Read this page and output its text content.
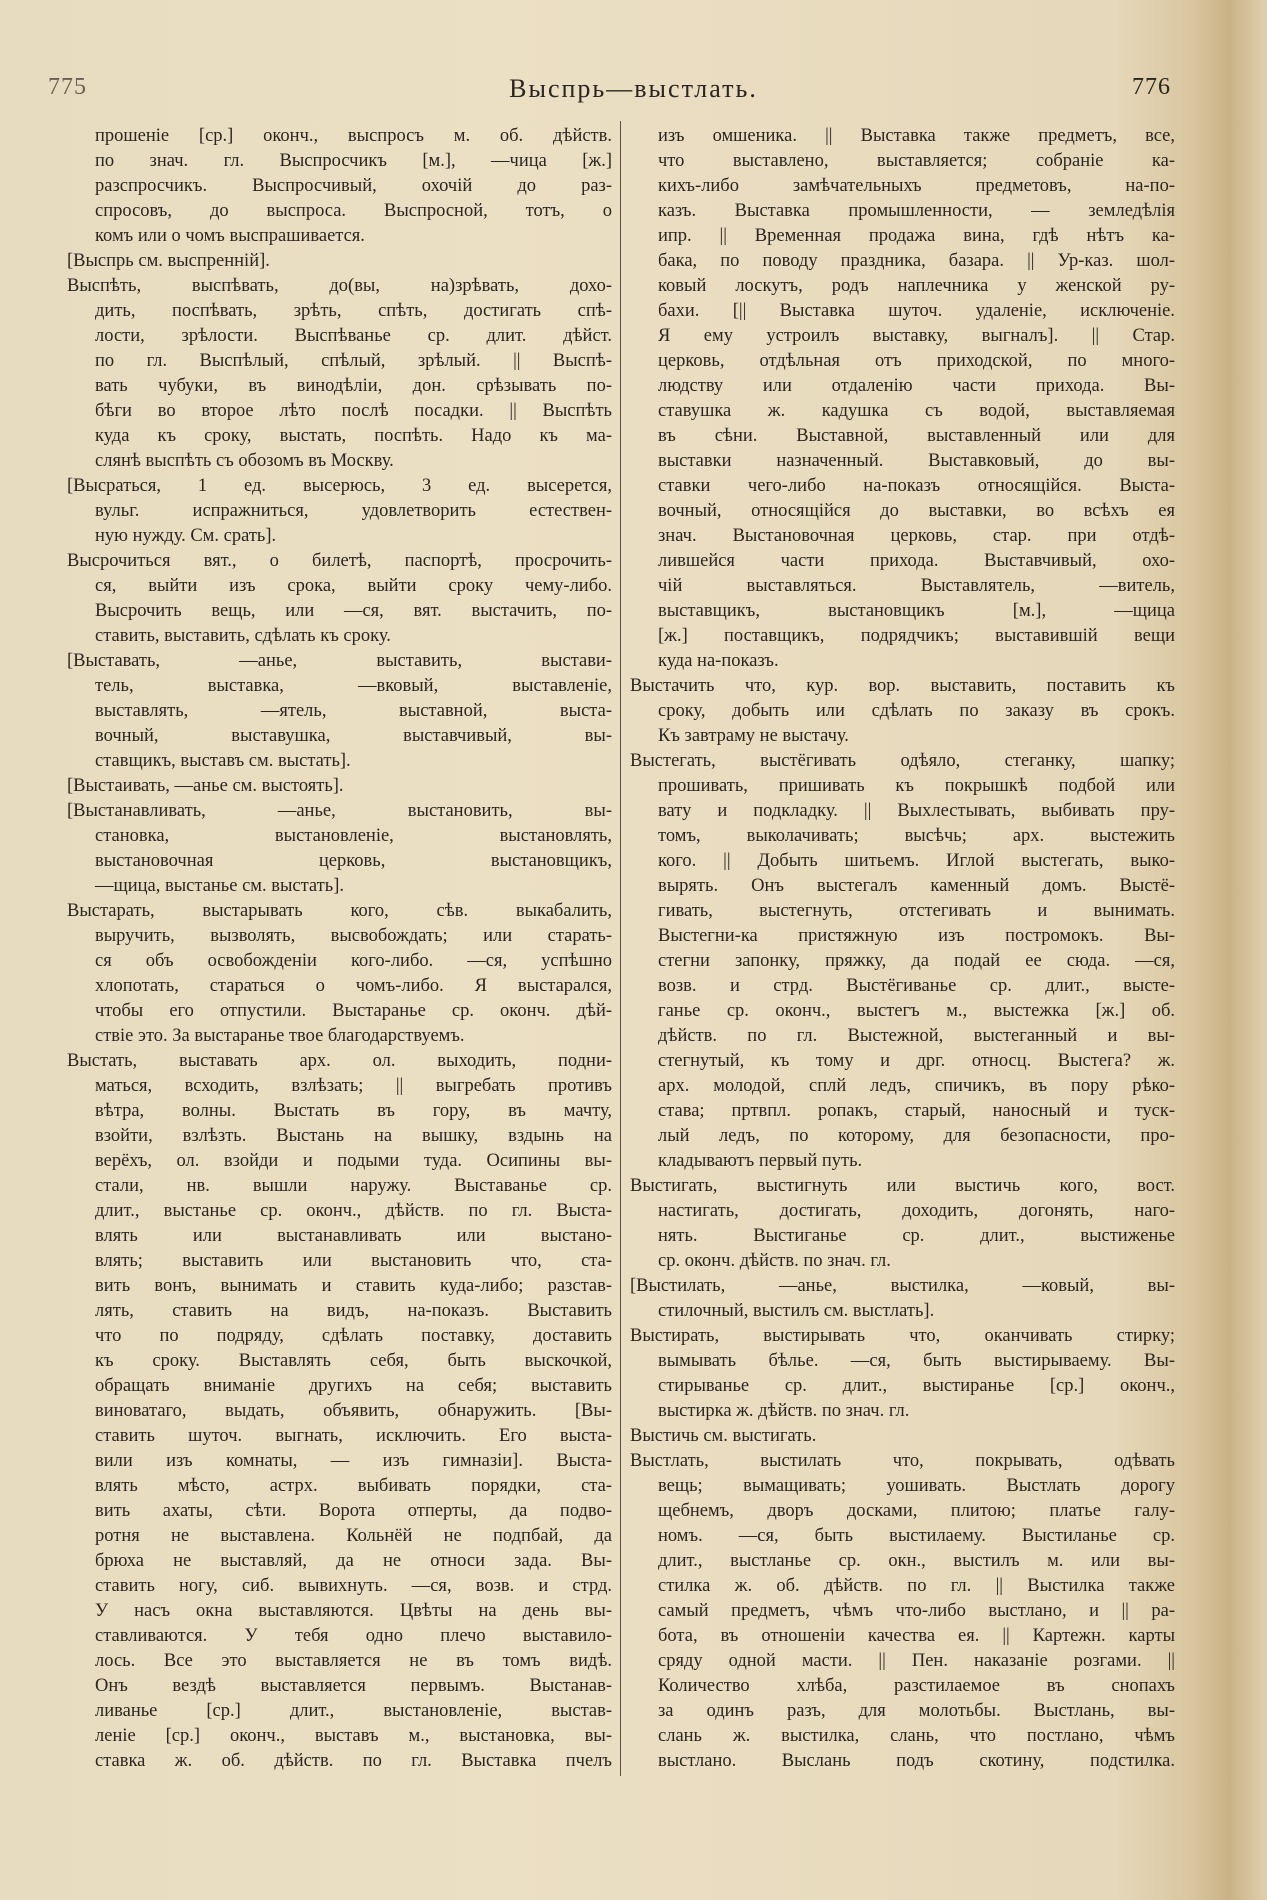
775	Выспрь—выстлать.	776
прошеніе [ср.] оконч., выспросъ м. об. дѣйств.
по знач. гл. Выспросчикъ [м.], —чица [ж.]
разспросчикъ. Выспросчивый, охочій до раз-
спросовъ, до выспроса. Выспросной, тотъ, о
комъ или о чомъ выспрашивается.
[Выспрь см. выспренній].
Выспѣть, выспѣвать, до(вы, на)зрѣвать, дохо-
дить, поспѣвать, зрѣть, спѣть, достигать спѣ-
лости, зрѣлости. Выспѣванье ср. длит. дѣйст.
по гл. Выспѣлый, спѣлый, зрѣлый. || Выспѣ-
вать чубуки, въ винодѣліи, дон. срѣзывать по-
бѣги во второе лѣто послѣ посадки. || Выспѣть
куда къ сроку, выстать, поспѣть. Надо къ ма-
слянѣ выспѣть съ обозомъ въ Москву.
[Высраться, 1 ед. высерюсь, 3 ед. высерется,
вульг. испражниться, удовлетворить естествен-
ную нужду. См. срать].
Высрочиться вят., о билетѣ, паспортѣ, просрочить-
ся, выйти изъ срока, выйти сроку чему-либо.
Высрочить вещь, или —ся, вят. выстачить, по-
ставить, выставить, сдѣлать къ сроку.
[Выставать, —анье, выставить, выстави-
тель, выставка, —вковый, выставленіе,
выставлять, —ятель, выставной, выста-
вочный, выставушка, выставчивый, вы-
ставщикъ, выставъ см. выстать].
[Выстаивать, —анье см. выстоять].
[Выстанавливать, —анье, выстановить, вы-
становка, выстановленіе, выстановлять,
выстановочная церковь, выстановщикъ,
—щица, выстанье см. выстать].
Выстарать, выстарывать кого, сѣв. выкабалить,
выручить, вызволять, высвобождать; или старать-
ся объ освобожденіи кого-либо. —ся, успѣшно
хлопотать, стараться о чомъ-либо. Я выстарался,
чтобы его отпустили. Выстаранье ср. оконч. дѣй-
ствіе это. За выстаранье твое благодарствуемъ.
Выстать, выставать арх. ол. выходить, подни-
маться, всходить, взлѣзать; || выгребать противъ
вѣтра, волны. Выстать въ гору, въ мачту,
взойти, взлѣзть. Выстань на вышку, вздынь на
верёхъ, ол. взойди и подыми туда. Осипины вы-
стали, нв. вышли наружу. Выставанье ср.
длит., выстанье ср. оконч., дѣйств. по гл. Выста-
влять или выстанавливать или выстано-
влять; выставить или выстановить что, ста-
вить вонъ, вынимать и ставить куда-либо; разстав-
лять, ставить на видъ, на-показъ. Выставить
что по подряду, сдѣлать поставку, доставить
къ сроку. Выставлять себя, быть выскочкой,
обращать вниманіе другихъ на себя; выставить
виноватаго, выдать, объявить, обнаружить. [Вы-
ставить шуточ. выгнать, исключить. Его выста-
вили изъ комнаты, — изъ гимназіи]. Выста-
влять мѣсто, астрх. выбивать порядки, ста-
вить ахаты, сѣти. Ворота отперты, да подво-
ротня не выставлена. Кольнёй не подпбай, да
брюха не выставляй, да не относи зада. Вы-
ставить ногу, сиб. вывихнуть. —ся, возв. и стрд.
У насъ окна выставляются. Цвѣты на день вы-
ставливаются. У тебя одно плечо выставило-
лось. Все это выставляется не въ томъ видѣ.
Онъ вездѣ выставляется первымъ. Выстанав-
ливанье [ср.] длит., выстановленіе, выстав-
леніе [ср.] оконч., выставъ м., выстановка, вы-
ставка ж. об. дѣйств. по гл. Выставка пчелъ
изъ омшеника. || Выставка также предметъ, все,
что выставлено, выставляется; собраніе ка-
кихъ-либо замѣчательныхъ предметовъ, на-по-
казъ. Выставка промышленности, — земледѣлія
ипр. || Временная продажа вина, гдѣ нѣтъ ка-
бака, по поводу праздника, базара. || Ур-каз. шол-
ковый лоскутъ, родъ наплечника у женской ру-
бахи. [|| Выставка шуточ. удаленіе, исключеніе.
Я ему устроилъ выставку, выгналъ]. || Стар.
церковь, отдѣльная отъ приходской, по много-
людству или отдаленію части прихода. Вы-
ставушка ж. кадушка съ водой, выставляемая
въ сѣни. Выставной, выставленный или для
выставки назначенный. Выставковый, до вы-
ставки чего-либо на-показъ относящійся. Выста-
вочный, относящійся до выставки, во всѣхъ ея
знач. Выстановочная церковь, стар. при отдѣ-
лившейся части прихода. Выставчивый, охо-
чій выставляться. Выставлятель, —витель,
выставщикъ, выстановщикъ [м.], —щица
[ж.] поставщикъ, подрядчикъ; выставившій вещи
куда на-показъ.
Выстачить что, кур. вор. выставить, поставить къ
сроку, добыть или сдѣлать по заказу въ срокъ.
Къ завтраму не выстачу.
Выстегать, выстёгивать одѣяло, стеганку, шапку;
прошивать, пришивать къ покрышкѣ подбой или
вату и подкладку. || Выхлестывать, выбивать пру-
томъ, выколачивать; высѣчь; арх. выстежить
кого. || Добыть шитьемъ. Иглой выстегать, выко-
вырять. Онъ выстегалъ каменный домъ. Выстё-
гивать, выстегнуть, отстегивать и вынимать.
Выстегни-ка пристяжную изъ постромокъ. Вы-
стегни запонку, пряжку, да подай ее сюда. —ся,
возв. и стрд. Выстёгиванье ср. длит., высте-
ганье ср. оконч., выстегъ м., выстежка [ж.] об.
дѣйств. по гл. Выстежной, выстеганный и вы-
стегнутый, къ тому и дрг. относц. Выстега? ж.
арх. молодой, сплй ледъ, спичикъ, въ пору рѣко-
става; пртвпл. ропакъ, старый, наносный и туск-
лый ледъ, по которому, для безопасности, про-
кладываютъ первый путь.
Выстигать, выстигнуть или выстичь кого, вост.
настигать, достигать, доходить, догонять, наго-
нять. Выстиганье ср. длит., выстиженье
ср. оконч. дѣйств. по знач. гл.
[Выстилать, —анье, выстилка, —ковый, вы-
стилочный, выстилъ см. выстлать].
Выстирать, выстирывать что, оканчивать стирку;
вымывать бѣлье. —ся, быть выстирываему. Вы-
стирыванье ср. длит., выстиранье [ср.] оконч.,
выстирка ж. дѣйств. по знач. гл.
Выстичь см. выстигать.
Выстлать, выстилать что, покрывать, одѣвать
вещь; вымащивать; уошивать. Выстлать дорогу
щебнемъ, дворъ досками, плитою; платье галу-
номъ. —ся, быть выстилаему. Выстиланье ср.
длит., выстланье ср. окн., выстилъ м. или вы-
стилка ж. об. дѣйств. по гл. || Выстилка также
самый предметъ, чѣмъ что-либо выстлано, и || ра-
бота, въ отношеніи качества ея. || Картежн. карты
сряду одной масти. || Пен. наказаніе розгами. ||
Количество хлѣба, разстилаемое въ снопахъ
за одинъ разъ, для молотьбы. Выстлань, вы-
слань ж. выстилка, слань, что постлано, чѣмъ
выстлано. Выслань подъ скотину, подстилка.
